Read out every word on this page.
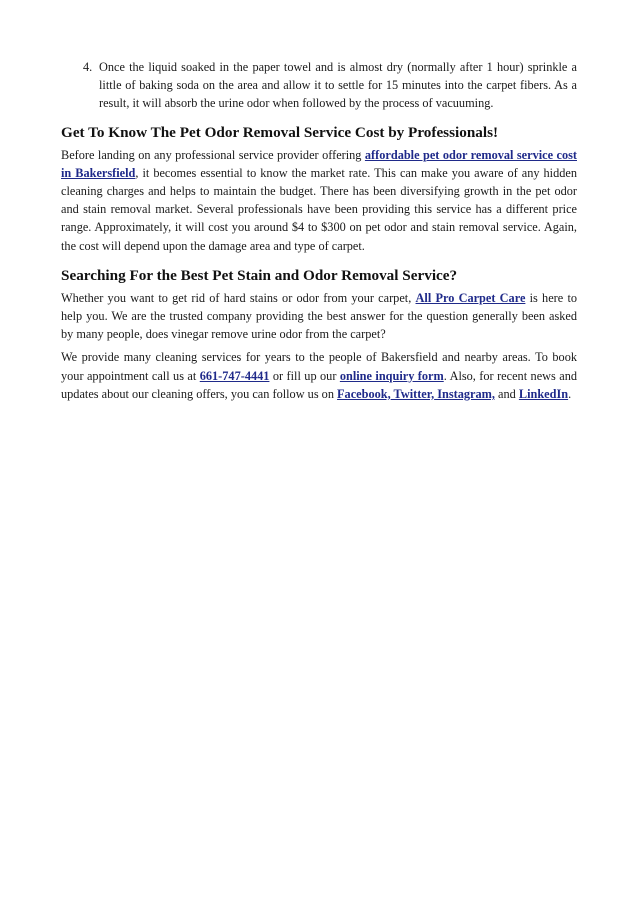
4. Once the liquid soaked in the paper towel and is almost dry (normally after 1 hour) sprinkle a little of baking soda on the area and allow it to settle for 15 minutes into the carpet fibers. As a result, it will absorb the urine odor when followed by the process of vacuuming.

Get To Know The Pet Odor Removal Service Cost by Professionals!

Before landing on any professional service provider offering affordable pet odor removal service cost in Bakersfield, it becomes essential to know the market rate. This can make you aware of any hidden cleaning charges and helps to maintain the budget. There has been diversifying growth in the pet odor and stain removal market. Several professionals have been providing this service has a different price range. Approximately, it will cost you around $4 to $300 on pet odor and stain removal service. Again, the cost will depend upon the damage area and type of carpet.

Searching For the Best Pet Stain and Odor Removal Service?

Whether you want to get rid of hard stains or odor from your carpet, All Pro Carpet Care is here to help you. We are the trusted company providing the best answer for the question generally been asked by many people, does vinegar remove urine odor from the carpet?

We provide many cleaning services for years to the people of Bakersfield and nearby areas. To book your appointment call us at 661-747-4441 or fill up our online inquiry form. Also, for recent news and updates about our cleaning offers, you can follow us on Facebook, Twitter, Instagram, and LinkedIn.
